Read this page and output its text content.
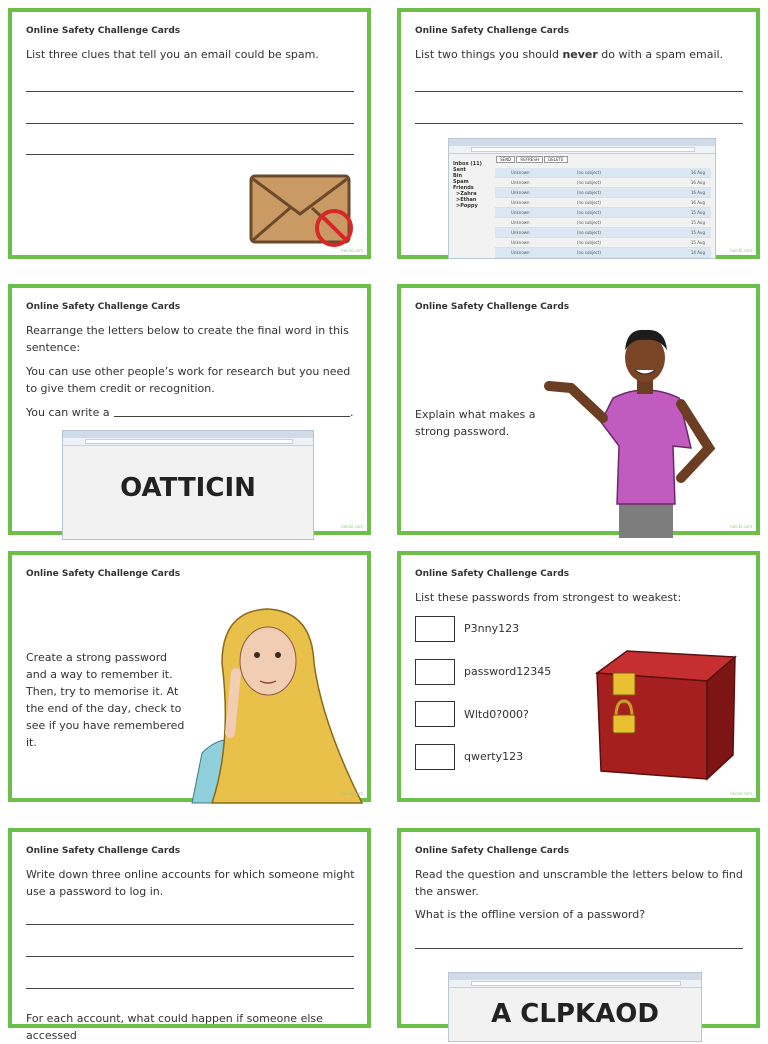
Online Safety Challenge Cards
List three clues that tell you an email could be spam.
twinkl.com
Online Safety Challenge Cards
List two things you should never do with a spam email.
Inbox (11)
Sent
Bin
Spam
Friends
>Zahra
>Ethan
>Poppy
SEND REFRESH DELETE
Unknown	(no subject)	16 Aug
Unknown	(no subject)	16 Aug
Unknown	(no subject)	16 Aug
Unknown	(no subject)	16 Aug
Unknown	(no subject)	15 Aug
Unknown	(no subject)	15 Aug
Unknown	(no subject)	15 Aug
Unknown	(no subject)	15 Aug
Unknown	(no subject)	14 Aug	twinkl.com
Online Safety Challenge Cards
Rearrange the letters below to create the final word in this sentence:
You can use other people’s work for research but you need to give them credit or recognition.
You can write a	.
OATTICIN
twinkl.com
Online Safety Challenge Cards
Explain what makes a strong password.
twinkl.com
Online Safety Challenge Cards
Create a strong password and a way to remember it. Then, try to memorise it. At the end of the day, check to see if you have remembered it.
twinkl.com
Online Safety Challenge Cards
List these passwords from strongest to weakest:
P3nny123
password12345
Wltd0?000?
qwerty123
twinkl.com
Online Safety Challenge Cards
Write down three online accounts for which someone might use a password to log in.
For each account, what could happen if someone else accessed
Online Safety Challenge Cards
Read the question and unscramble the letters below to find the answer.
What is the offline version of a password?
A CLPKAOD
